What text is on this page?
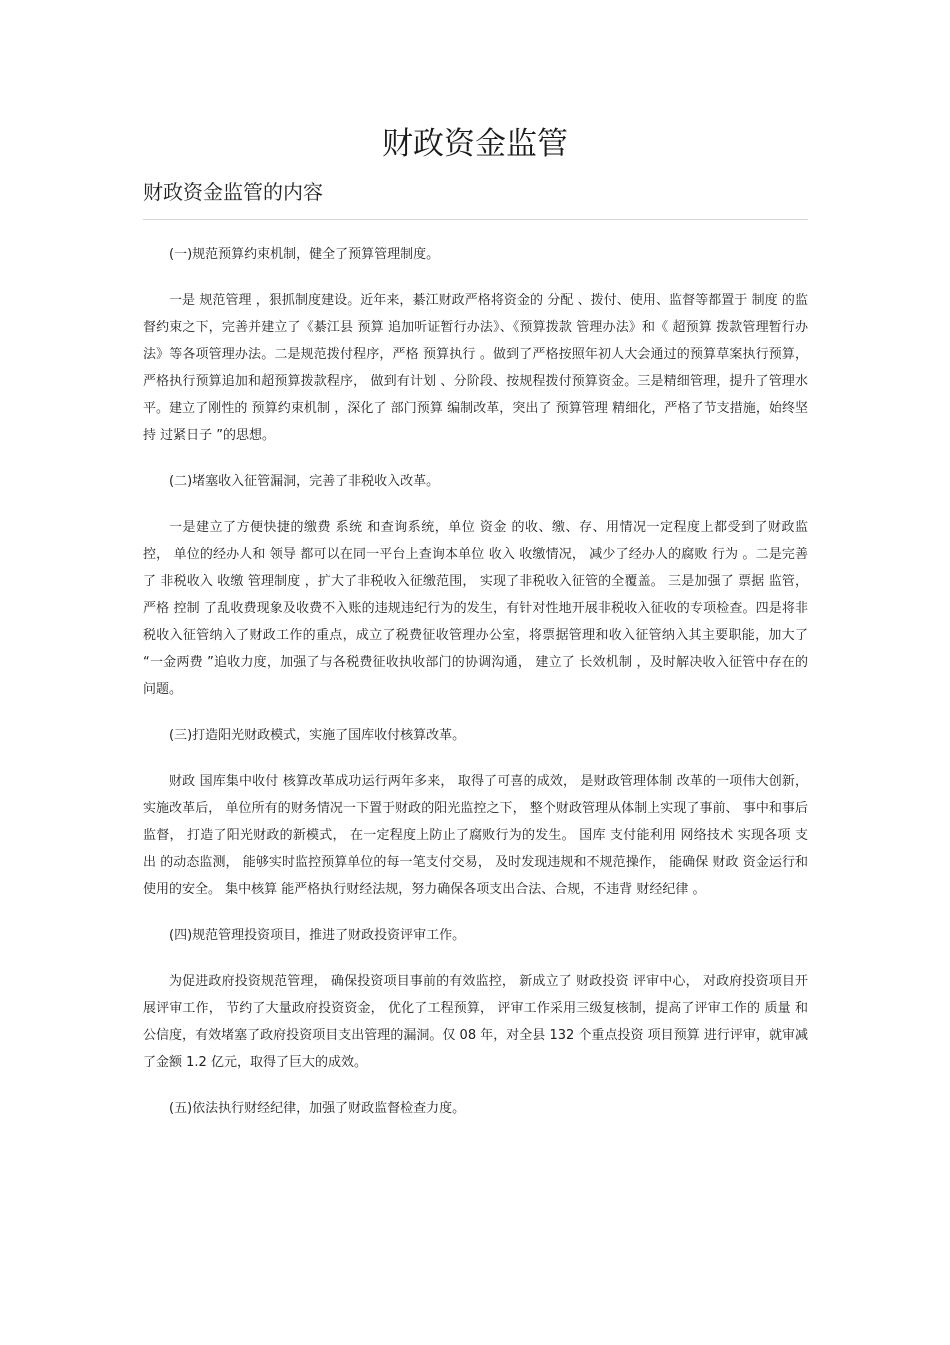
财政资金监管
财政资金监管的内容

(一)规范预算约束机制，健全了预算管理制度。

一是 规范管理 ，狠抓制度建设。近年来，綦江财政严格将资金的 分配 、拨付、使用、监督等都置于 制度 的监督约束之下，完善并建立了《綦江县 预算 追加听证暂行办法》、《预算拨款 管理办法》和《 超预算 拨款管理暂行办法》等各项管理办法。二是规范拨付程序，严格 预算执行 。做到了严格按照年初人大会通过的预算草案执行预算， 严格执行预算追加和超预算拨款程序， 做到有计划 、分阶段、按规程拨付预算资金。三是精细管理，提升了管理水平。建立了刚性的 预算约束机制 ，深化了 部门预算 编制改革，突出了 预算管理 精细化，严格了节支措施，始终坚持 过紧日子 ”的思想。

(二)堵塞收入征管漏洞，完善了非税收入改革。

一是建立了方便快捷的缴费 系统 和查询系统，单位 资金 的收、缴、存、用情况一定程度上都受到了财政监控， 单位的经办人和 领导 都可以在同一平台上查询本单位 收入 收缴情况， 减少了经办人的腐败 行为 。二是完善了 非税收入 收缴 管理制度 ，扩大了非税收入征缴范围， 实现了非税收入征管的全覆盖。 三是加强了 票据 监管， 严格 控制 了乱收费现象及收费不入账的违规违纪行为的发生，有针对性地开展非税收入征收的专项检查。四是将非税收入征管纳入了财政工作的重点，成立了税费征收管理办公室，将票据管理和收入征管纳入其主要职能，加大了 “一金两费 ”追收力度，加强了与各税费征收执收部门的协调沟通， 建立了 长效机制 ，及时解决收入征管中存在的问题。

(三)打造阳光财政模式，实施了国库收付核算改革。

财政 国库集中收付 核算改革成功运行两年多来， 取得了可喜的成效， 是财政管理体制 改革的一项伟大创新， 实施改革后， 单位所有的财务情况一下置于财政的阳光监控之下， 整个财政管理从体制上实现了事前、 事中和事后监督， 打造了阳光财政的新模式， 在一定程度上防止了腐败行为的发生。 国库 支付能利用 网络技术 实现各项 支出 的动态监测， 能够实时监控预算单位的每一笔支付交易， 及时发现违规和不规范操作， 能确保 财政 资金运行和使用的安全。 集中核算 能严格执行财经法规，努力确保各项支出合法、合规，不违背 财经纪律 。

(四)规范管理投资项目，推进了财政投资评审工作。

为促进政府投资规范管理， 确保投资项目事前的有效监控， 新成立了 财政投资 评审中心， 对政府投资项目开展评审工作， 节约了大量政府投资资金， 优化了工程预算， 评审工作采用三级复核制，提高了评审工作的 质量 和公信度，有效堵塞了政府投资项目支出管理的漏洞。仅 08 年，对全县 132 个重点投资 项目预算 进行评审，就审减了金额 1.2 亿元，取得了巨大的成效。

(五)依法执行财经纪律，加强了财政监督检查力度。
